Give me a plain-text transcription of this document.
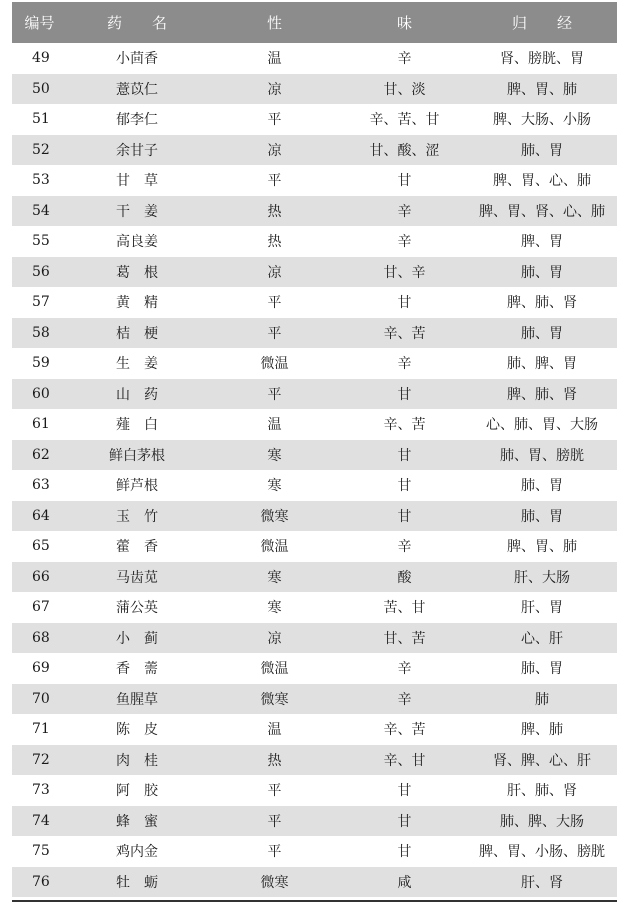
编号	药　　名	性	味	归　　经
49	小茴香	温	辛	肾、膀胱、胃
50	薏苡仁	凉	甘、淡	脾、胃、肺
51	郁李仁	平	辛、苦、甘	脾、大肠、小肠
52	余甘子	凉	甘、酸、涩	肺、胃
53	甘　草	平	甘	脾、胃、心、肺
54	干　姜	热	辛	脾、胃、肾、心、肺
55	高良姜	热	辛	脾、胃
56	葛　根	凉	甘、辛	肺、胃
57	黄　精	平	甘	脾、肺、肾
58	桔　梗	平	辛、苦	肺、胃
59	生　姜	微温	辛	肺、脾、胃
60	山　药	平	甘	脾、肺、肾
61	薤　白	温	辛、苦	心、肺、胃、大肠
62	鲜白茅根	寒	甘	肺、胃、膀胱
63	鲜芦根	寒	甘	肺、胃
64	玉　竹	微寒	甘	肺、胃
65	藿　香	微温	辛	脾、胃、肺
66	马齿苋	寒	酸	肝、大肠
67	蒲公英	寒	苦、甘	肝、胃
68	小　蓟	凉	甘、苦	心、肝
69	香　薷	微温	辛	肺、胃
70	鱼腥草	微寒	辛	肺
71	陈　皮	温	辛、苦	脾、肺
72	肉　桂	热	辛、甘	肾、脾、心、肝
73	阿　胶	平	甘	肝、肺、肾
74	蜂　蜜	平	甘	肺、脾、大肠
75	鸡内金	平	甘	脾、胃、小肠、膀胱
76	牡　蛎	微寒	咸	肝、肾
